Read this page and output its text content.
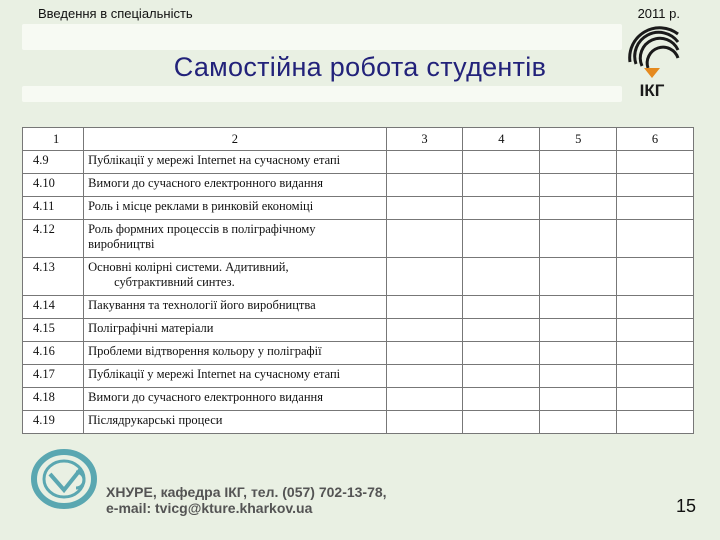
Введення в спеціальність	2011 р.
Самостійна робота студентів
ІКГ
1	2	3	4	5	6
4.9	Публікації у мережі Internet на сучасному етапі				
4.10	Вимоги до сучасного електронного видання				
4.11	Роль і місце реклами в ринковій економіці				
4.12	Роль формних процессів в поліграфічному виробництві				
4.13	Основні колірні системи. Адитивний,
субтрактивний синтез.				

4.14	Пакування та технології його виробництва				
4.15	Поліграфічні матеріали				
4.16	Проблеми відтворення кольору у поліграфії				
4.17	Публікації у мережі Internet на сучасному етапі				
4.18	Вимоги до сучасного електронного видання				
4.19	Післядрукарські процеси				
ХНУРЕ, кафедра ІКГ, тел. (057) 702-13-78,
e-mail: tvicg@kture.kharkov.ua	15
